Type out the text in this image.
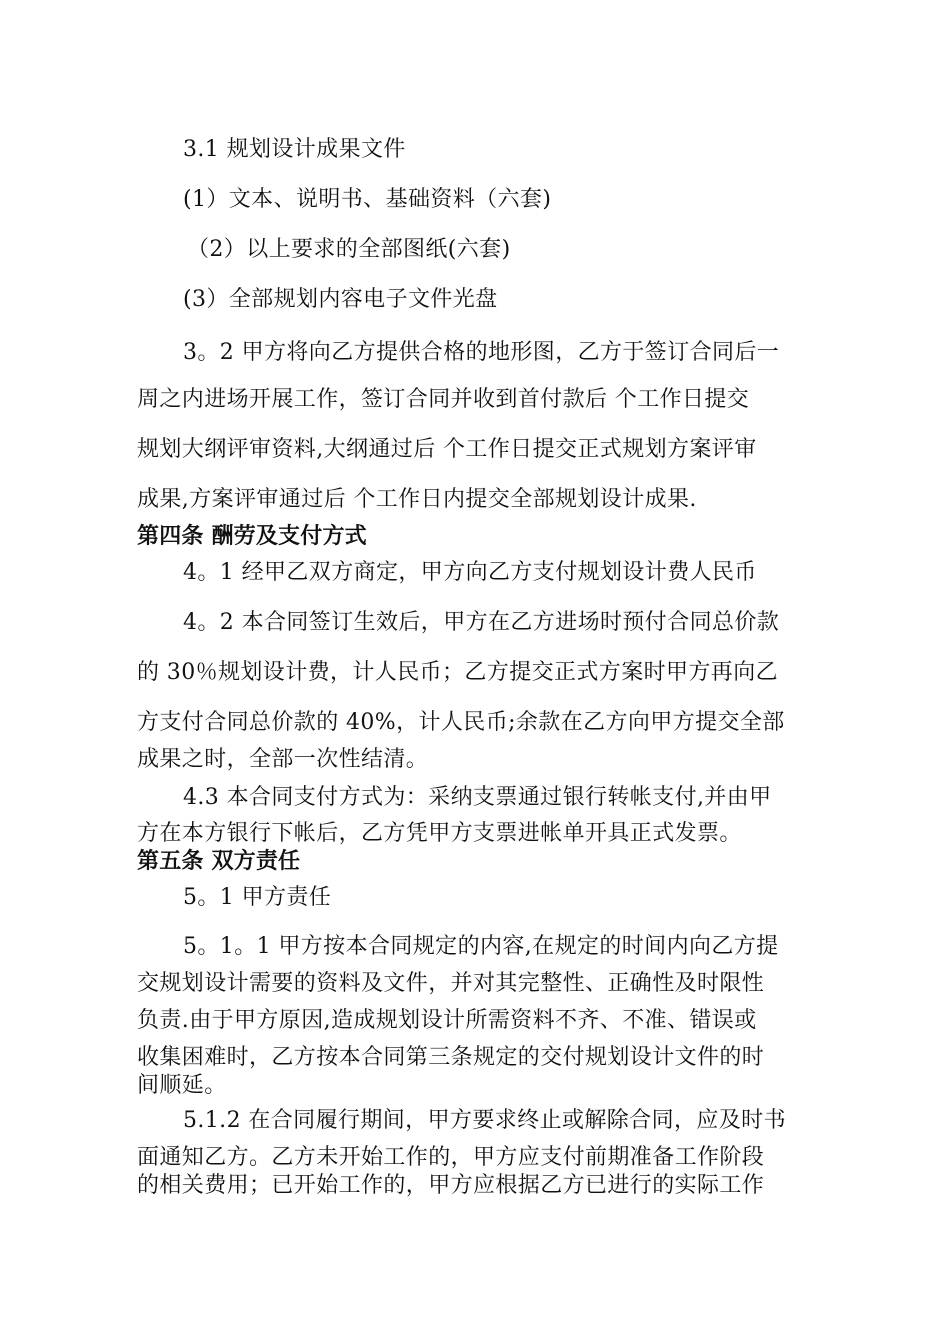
3.1 规划设计成果文件
(1）文本、说明书、基础资料（六套)
（2）以上要求的全部图纸(六套)
(3）全部规划内容电子文件光盘
3。2 甲方将向乙方提供合格的地形图，乙方于签订合同后一
周之内进场开展工作，签订合同并收到首付款后 个工作日提交
规划大纲评审资料,大纲通过后 个工作日提交正式规划方案评审
成果,方案评审通过后 个工作日内提交全部规划设计成果.
第四条 酬劳及支付方式
4。1 经甲乙双方商定，甲方向乙方支付规划设计费人民币
4。2 本合同签订生效后，甲方在乙方进场时预付合同总价款
的 30％规划设计费，计人民币；乙方提交正式方案时甲方再向乙
方支付合同总价款的 40%，计人民币;余款在乙方向甲方提交全部
成果之时，全部一次性结清。
4.3 本合同支付方式为：采纳支票通过银行转帐支付,并由甲
方在本方银行下帐后，乙方凭甲方支票进帐单开具正式发票。
第五条 双方责任
5。1 甲方责任
5。1。1 甲方按本合同规定的内容,在规定的时间内向乙方提
交规划设计需要的资料及文件，并对其完整性、正确性及时限性
负责.由于甲方原因,造成规划设计所需资料不齐、不准、错误或
收集困难时，乙方按本合同第三条规定的交付规划设计文件的时
间顺延。
5.1.2 在合同履行期间，甲方要求终止或解除合同，应及时书
面通知乙方。乙方未开始工作的，甲方应支付前期准备工作阶段
的相关费用；已开始工作的，甲方应根据乙方已进行的实际工作
